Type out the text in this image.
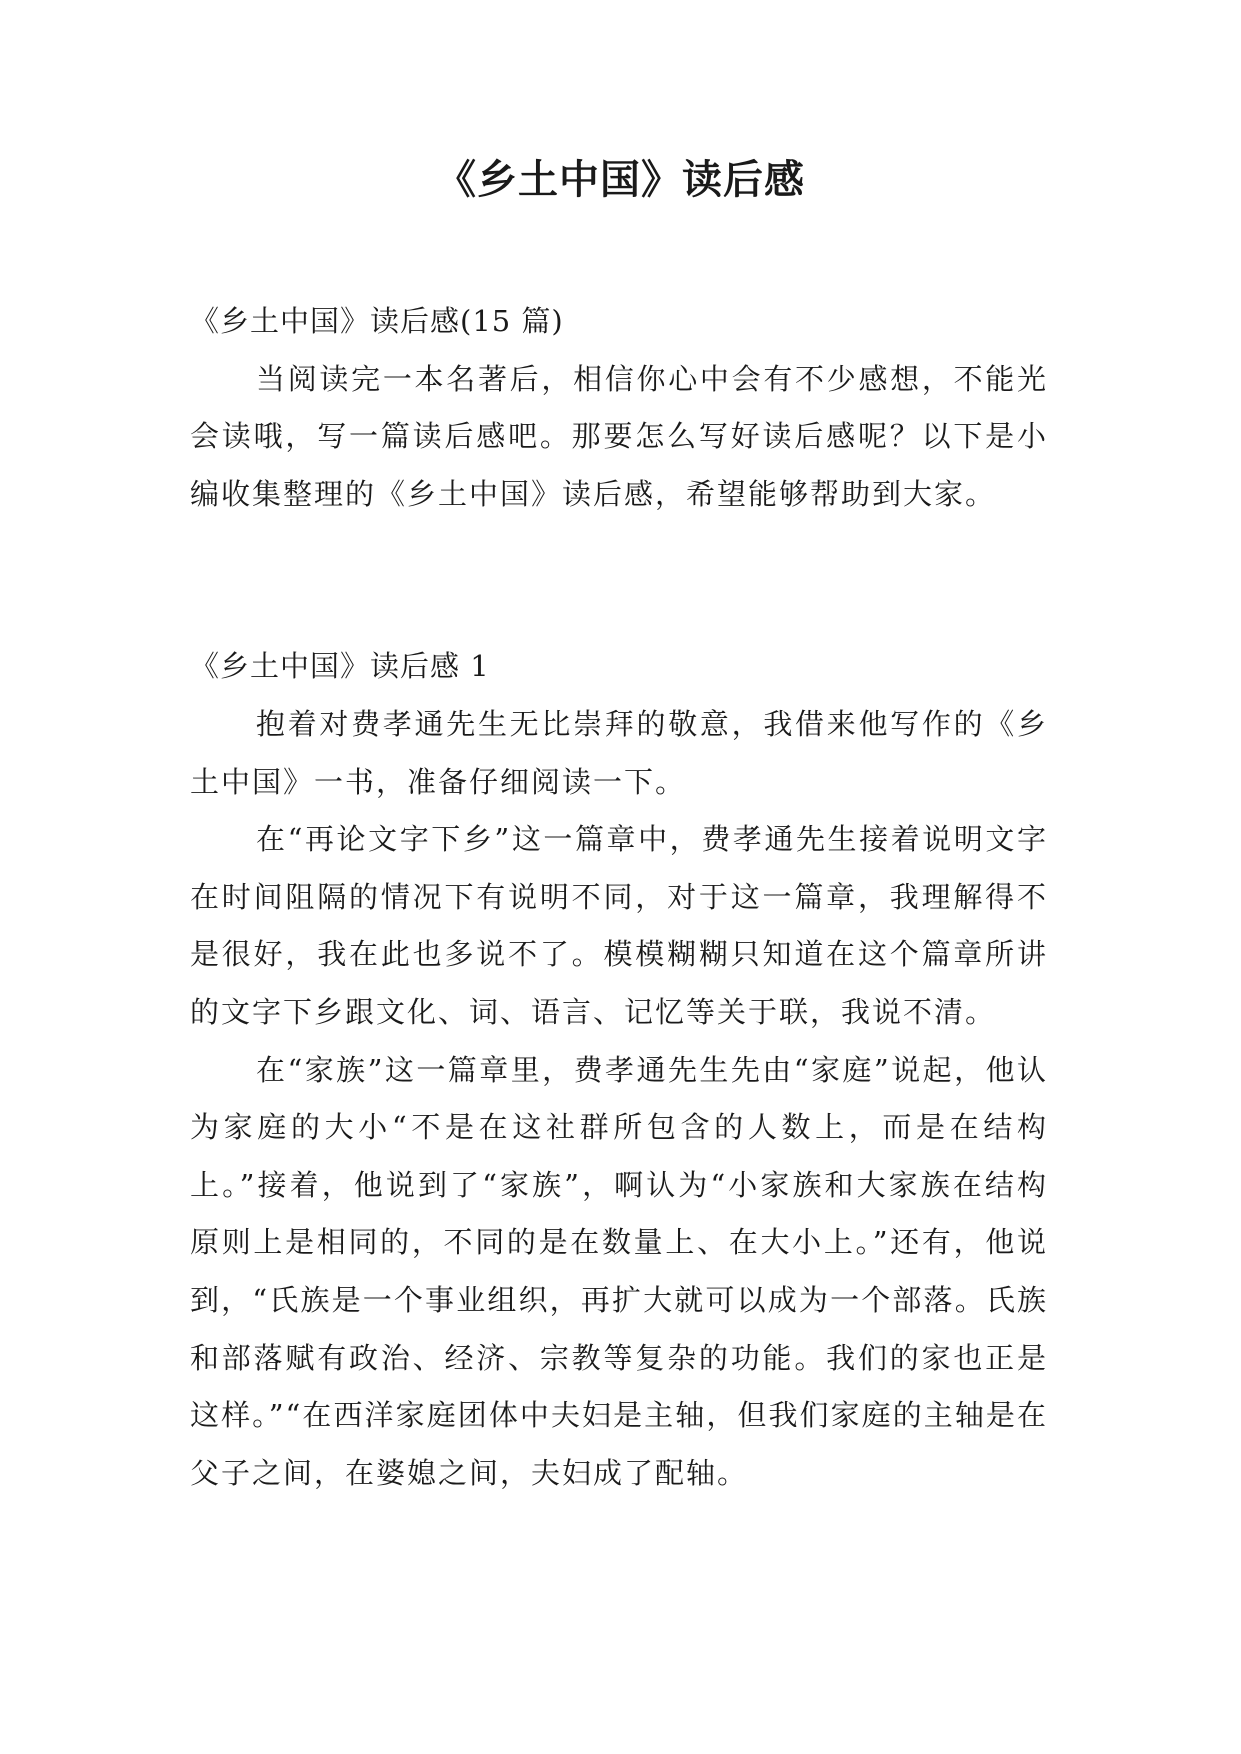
《乡土中国》读后感

《乡土中国》读后感(15 篇)

当阅读完一本名著后，相信你心中会有不少感想，不能光会读哦，写一篇读后感吧。那要怎么写好读后感呢？以下是小编收集整理的《乡土中国》读后感，希望能够帮助到大家。

《乡土中国》读后感 1

抱着对费孝通先生无比崇拜的敬意，我借来他写作的《乡土中国》一书，准备仔细阅读一下。

在“再论文字下乡”这一篇章中，费孝通先生接着说明文字在时间阻隔的情况下有说明不同，对于这一篇章，我理解得不是很好，我在此也多说不了。模模糊糊只知道在这个篇章所讲的文字下乡跟文化、词、语言、记忆等关于联，我说不清。

在“家族”这一篇章里，费孝通先生先由“家庭”说起，他认为家庭的大小“不是在这社群所包含的人数上，而是在结构上。”接着，他说到了“家族”，啊认为“小家族和大家族在结构原则上是相同的，不同的是在数量上、在大小上。”还有，他说到，“氏族是一个事业组织，再扩大就可以成为一个部落。氏族和部落赋有政治、经济、宗教等复杂的功能。我们的家也正是这样。”“在西洋家庭团体中夫妇是主轴，但我们家庭的主轴是在父子之间，在婆媳之间，夫妇成了配轴。
